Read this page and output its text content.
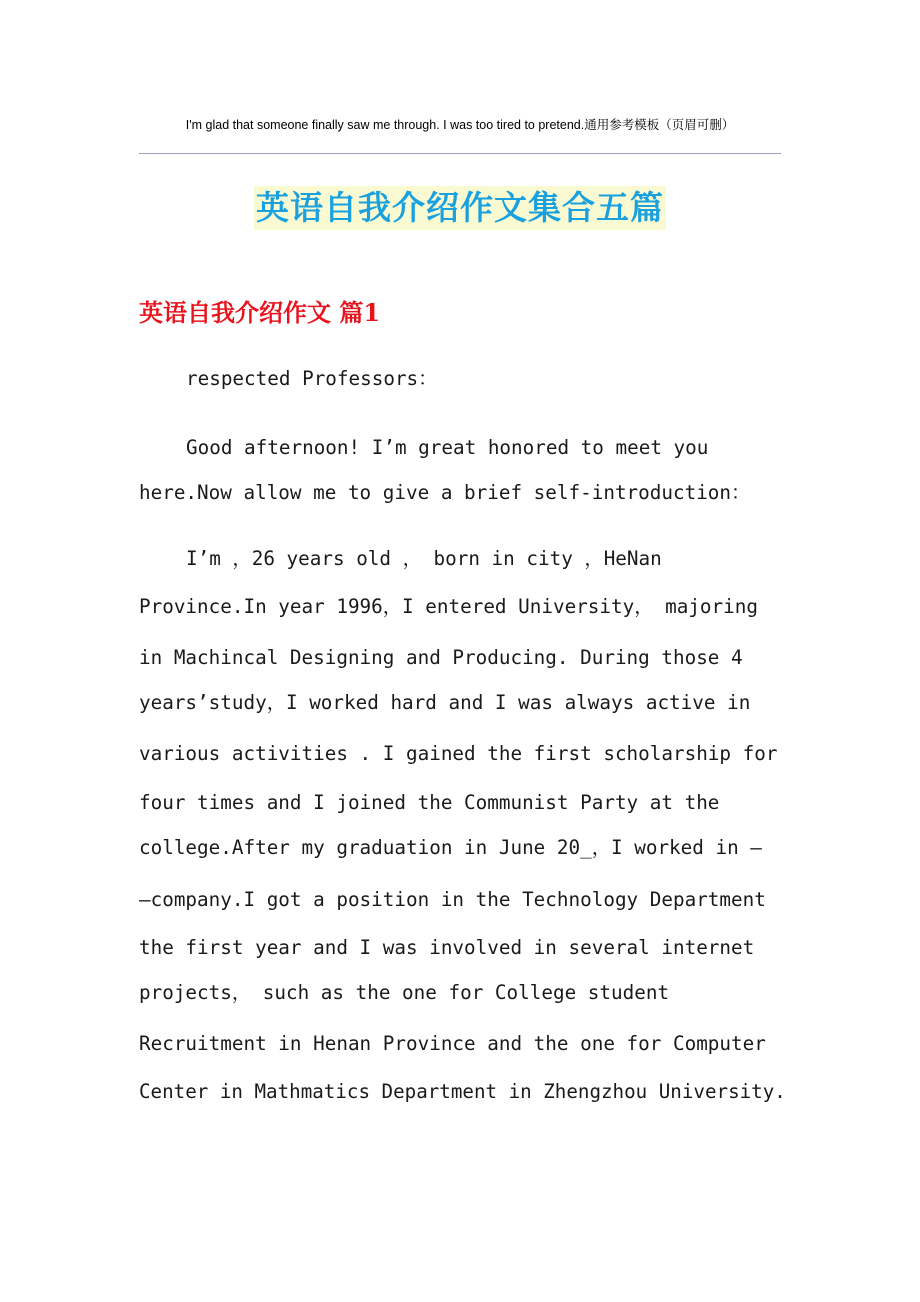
I'm glad that someone finally saw me through. I was too tired to pretend.通用参考模板（页眉可删）
英语自我介绍作文集合五篇
英语自我介绍作文 篇1
respected Professors：
Good afternoon! I’m great honored to meet you
here.Now allow me to give a brief self-introduction：
I’m ，26 years old ， born in city ，HeNan
Province.In year 1996，I entered University， majoring
in Machincal Designing and Producing. During those 4
years’study，I worked hard and I was always active in
various activities . I gained the first scholarship for
four times and I joined the Communist Party at the
college.After my graduation in June 20_，I worked in —
—company.I got a position in the Technology Department
the first year and I was involved in several internet
projects， such as the one for College student
Recruitment in Henan Province and the one for Computer
Center in Mathmatics Department in Zhengzhou University.
